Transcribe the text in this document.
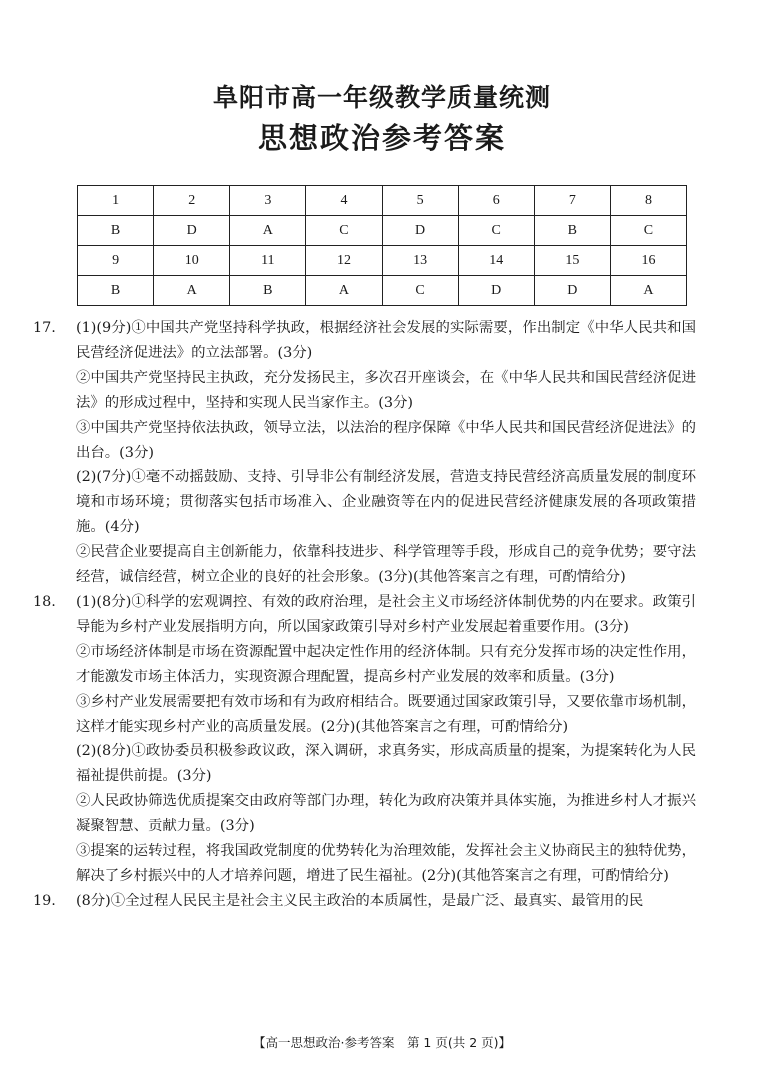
阜阳市高一年级教学质量统测
思想政治参考答案
1	2	3	4	5	6	7	8
B	D	A	C	D	C	B	C
9	10	11	12	13	14	15	16
B	A	B	A	C	D	D	A

17. (1)(9分)①中国共产党坚持科学执政，根据经济社会发展的实际需要，作出制定《中华人民共和国民营经济促进法》的立法部署。(3分)

②中国共产党坚持民主执政，充分发扬民主，多次召开座谈会，在《中华人民共和国民营经济促进法》的形成过程中，坚持和实现人民当家作主。(3分)

③中国共产党坚持依法执政，领导立法，以法治的程序保障《中华人民共和国民营经济促进法》的出台。(3分)

(2)(7分)①毫不动摇鼓励、支持、引导非公有制经济发展，营造支持民营经济高质量发展的制度环境和市场环境；贯彻落实包括市场准入、企业融资等在内的促进民营经济健康发展的各项政策措施。(4分)

②民营企业要提高自主创新能力，依靠科技进步、科学管理等手段，形成自己的竞争优势；要守法经营，诚信经营，树立企业的良好的社会形象。(3分)(其他答案言之有理，可酌情给分)

18. (1)(8分)①科学的宏观调控、有效的政府治理，是社会主义市场经济体制优势的内在要求。政策引导能为乡村产业发展指明方向，所以国家政策引导对乡村产业发展起着重要作用。(3分)

②市场经济体制是市场在资源配置中起决定性作用的经济体制。只有充分发挥市场的决定性作用，才能激发市场主体活力，实现资源合理配置，提高乡村产业发展的效率和质量。(3分)

③乡村产业发展需要把有效市场和有为政府相结合。既要通过国家政策引导，又要依靠市场机制，这样才能实现乡村产业的高质量发展。(2分)(其他答案言之有理，可酌情给分)

(2)(8分)①政协委员积极参政议政，深入调研，求真务实，形成高质量的提案，为提案转化为人民福祉提供前提。(3分)

②人民政协筛选优质提案交由政府等部门办理，转化为政府决策并具体实施，为推进乡村人才振兴凝聚智慧、贡献力量。(3分)

③提案的运转过程，将我国政党制度的优势转化为治理效能，发挥社会主义协商民主的独特优势，解决了乡村振兴中的人才培养问题，增进了民生福祉。(2分)(其他答案言之有理，可酌情给分)

19. (8分)①全过程人民民主是社会主义民主政治的本质属性，是最广泛、最真实、最管用的民

【高一思想政治·参考答案　第 1 页(共 2 页)】
